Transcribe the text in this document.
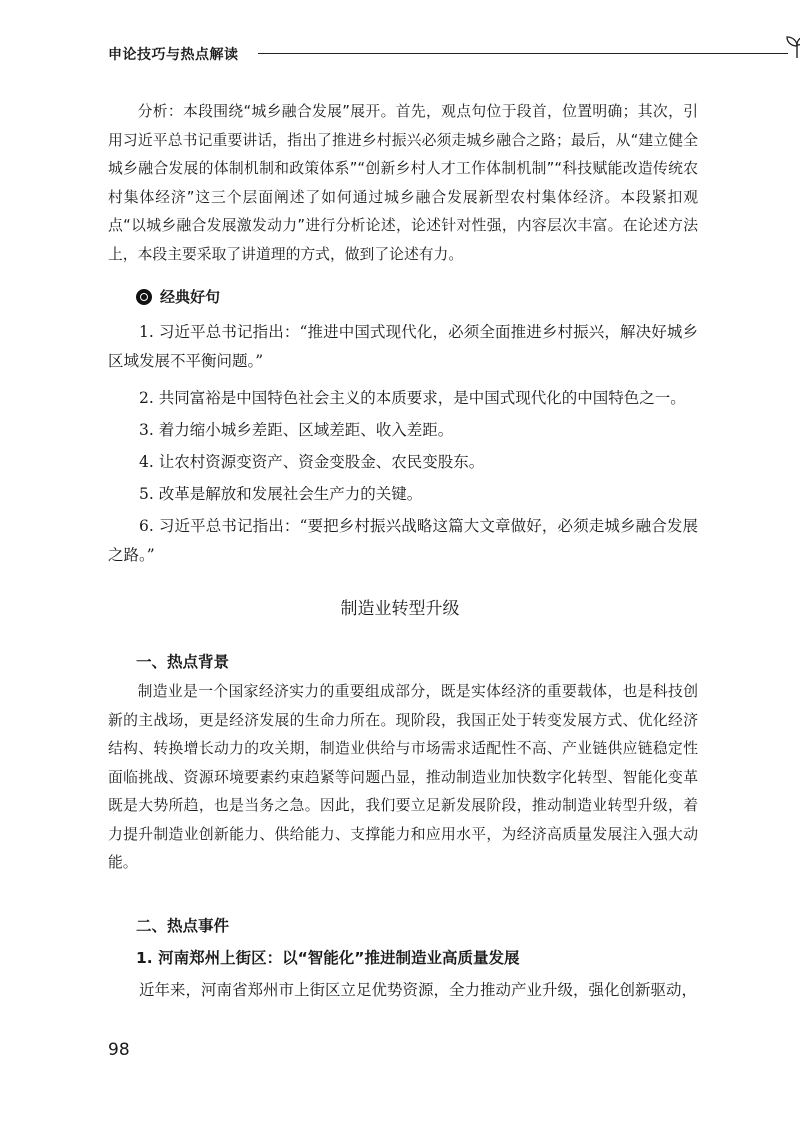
申论技巧与热点解读

分析：本段围绕“城乡融合发展”展开。首先，观点句位于段首，位置明确；其次，引用习近平总书记重要讲话，指出了推进乡村振兴必须走城乡融合之路；最后，从“建立健全城乡融合发展的体制机制和政策体系”“创新乡村人才工作体制机制”“科技赋能改造传统农村集体经济”这三个层面阐述了如何通过城乡融合发展新型农村集体经济。本段紧扣观点“以城乡融合发展激发动力”进行分析论述，论述针对性强，内容层次丰富。在论述方法上，本段主要采取了讲道理的方式，做到了论述有力。

经典好句

1. 习近平总书记指出：“推进中国式现代化，必须全面推进乡村振兴，解决好城乡区域发展不平衡问题。”

2. 共同富裕是中国特色社会主义的本质要求，是中国式现代化的中国特色之一。

3. 着力缩小城乡差距、区域差距、收入差距。

4. 让农村资源变资产、资金变股金、农民变股东。

5. 改革是解放和发展社会生产力的关键。

6. 习近平总书记指出：“要把乡村振兴战略这篇大文章做好，必须走城乡融合发展之路。”

制造业转型升级
一、热点背景

制造业是一个国家经济实力的重要组成部分，既是实体经济的重要载体，也是科技创新的主战场，更是经济发展的生命力所在。现阶段，我国正处于转变发展方式、优化经济结构、转换增长动力的攻关期，制造业供给与市场需求适配性不高、产业链供应链稳定性面临挑战、资源环境要素约束趋紧等问题凸显，推动制造业加快数字化转型、智能化变革既是大势所趋，也是当务之急。因此，我们要立足新发展阶段，推动制造业转型升级，着力提升制造业创新能力、供给能力、支撑能力和应用水平，为经济高质量发展注入强大动能。

二、热点事件
1. 河南郑州上街区：以“智能化”推进制造业高质量发展

近年来，河南省郑州市上街区立足优势资源，全力推动产业升级，强化创新驱动，

98
